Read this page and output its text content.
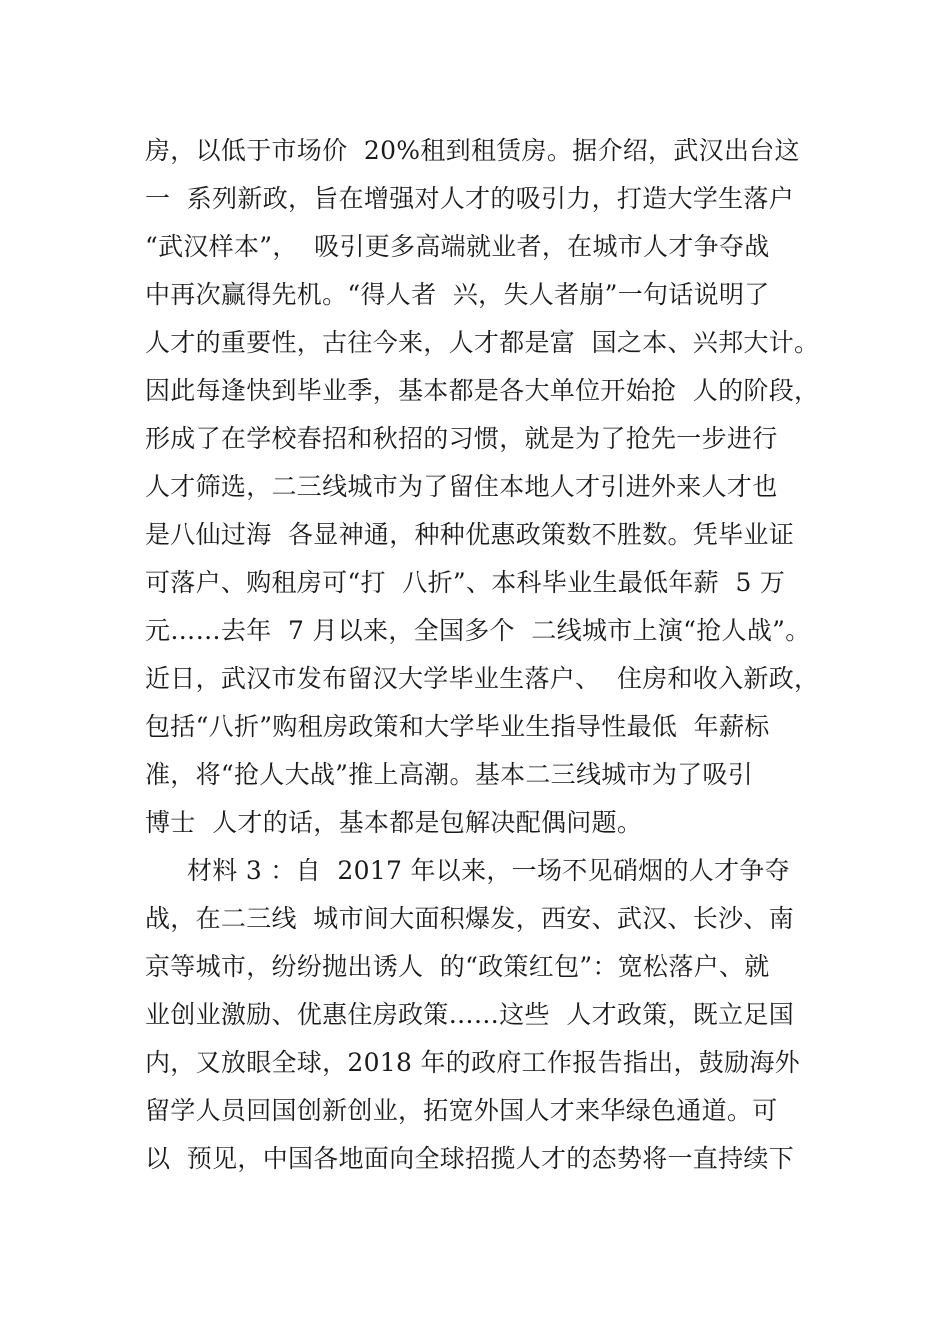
房，以低于市场价  20%租到租赁房。据介绍，武汉出台这
一  系列新政，旨在增强对人才的吸引力，打造大学生落户
“武汉样本”，  吸引更多高端就业者，在城市人才争夺战
中再次赢得先机。“得人者  兴，失人者崩”一句话说明了
人才的重要性，古往今来，人才都是富  国之本、兴邦大计。
因此每逢快到毕业季，基本都是各大单位开始抢  人的阶段，
形成了在学校春招和秋招的习惯，就是为了抢先一步进行
人才筛选，二三线城市为了留住本地人才引进外来人才也
是八仙过海  各显神通，种种优惠政策数不胜数。凭毕业证
可落户、购租房可“打  八折”、本科毕业生最低年薪  5 万
元……去年  7 月以来，全国多个  二线城市上演“抢人战”。
近日，武汉市发布留汉大学毕业生落户、  住房和收入新政，
包括“八折”购租房政策和大学毕业生指导性最低  年薪标
准，将“抢人大战”推上高潮。基本二三线城市为了吸引
博士  人才的话，基本都是包解决配偶问题。
材料 3 ：自  2017 年以来，一场不见硝烟的人才争夺
战，在二三线  城市间大面积爆发，西安、武汉、长沙、南
京等城市，纷纷抛出诱人  的“政策红包”：宽松落户、就
业创业激励、优惠住房政策……这些  人才政策，既立足国
内，又放眼全球，2018 年的政府工作报告指出，鼓励海外
留学人员回国创新创业，拓宽外国人才来华绿色通道。可
以  预见，中国各地面向全球招揽人才的态势将一直持续下
